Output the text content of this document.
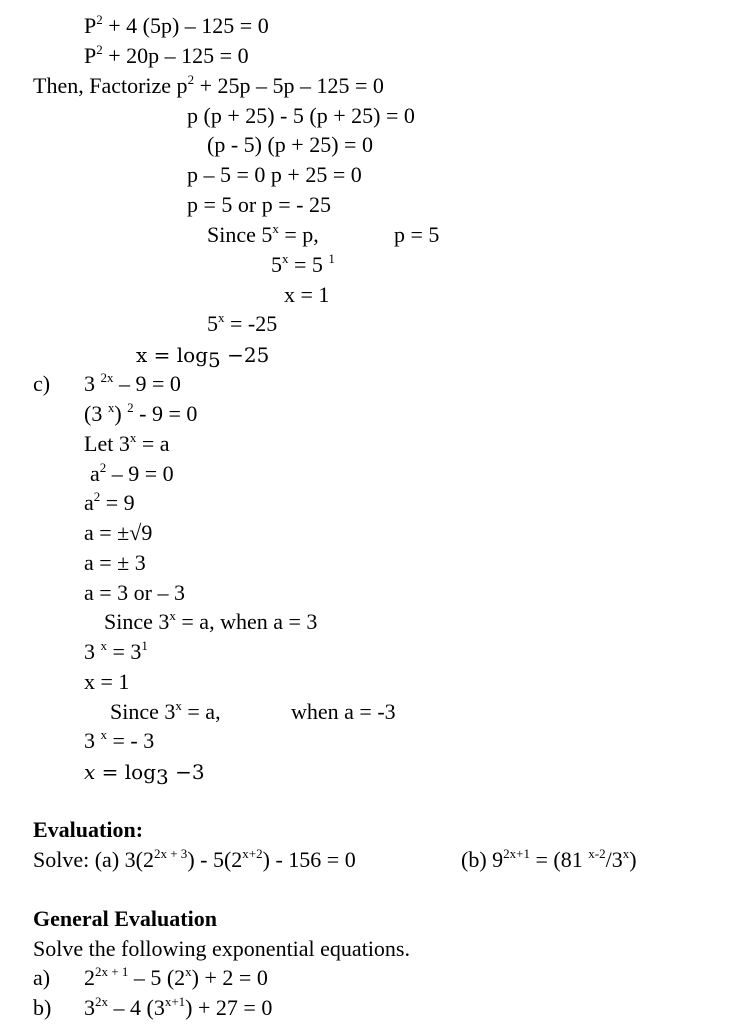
$P^2 + 4$ (5p) – 125 = 0
$P^2 + 20p - 125 = 0$
Then, Factorize $p^2 + 25p - 5p - 125 = 0$
p (p + 25) - 5 (p + 25) = 0
(p - 5) (p + 25) = 0
p – 5 = 0 p + 25 = 0
p = 5 or p = - 25
Since $5^x = p$,	p = 5
$5^x = 5$ $^1$
x = 1
$5^x = -25$
$x = \log_5 -25$
c) 3 $^{2x}$ – 9 = 0
(3 $^x$) $^2$ - 9 = 0
Let $3^x = a$
$a^2 - 9 = 0$
$a^2 = 9$
a = ±√9
a = ± 3
a = 3 or – 3
Since $3^x = a$, when a = 3
3 $^x = 3^1$
x = 1
Since $3^x = a$,	when a = -3
3 $^x$ = - 3
$x = \log_3 -3$
Evaluation:
Solve: (a) $3(2^{2x + 3}) - 5(2^{x+2}) - 156 = 0$	(b) $9^{2x+1} = (81$ $^{x-2}$/3$^x$)
General Evaluation
Solve the following exponential equations.
a) $2^{2x + 1} - 5$ $(2^x) + 2 = 0$
b) $3^{2x} - 4$ $(3^{x+1}) + 27 = 0$
